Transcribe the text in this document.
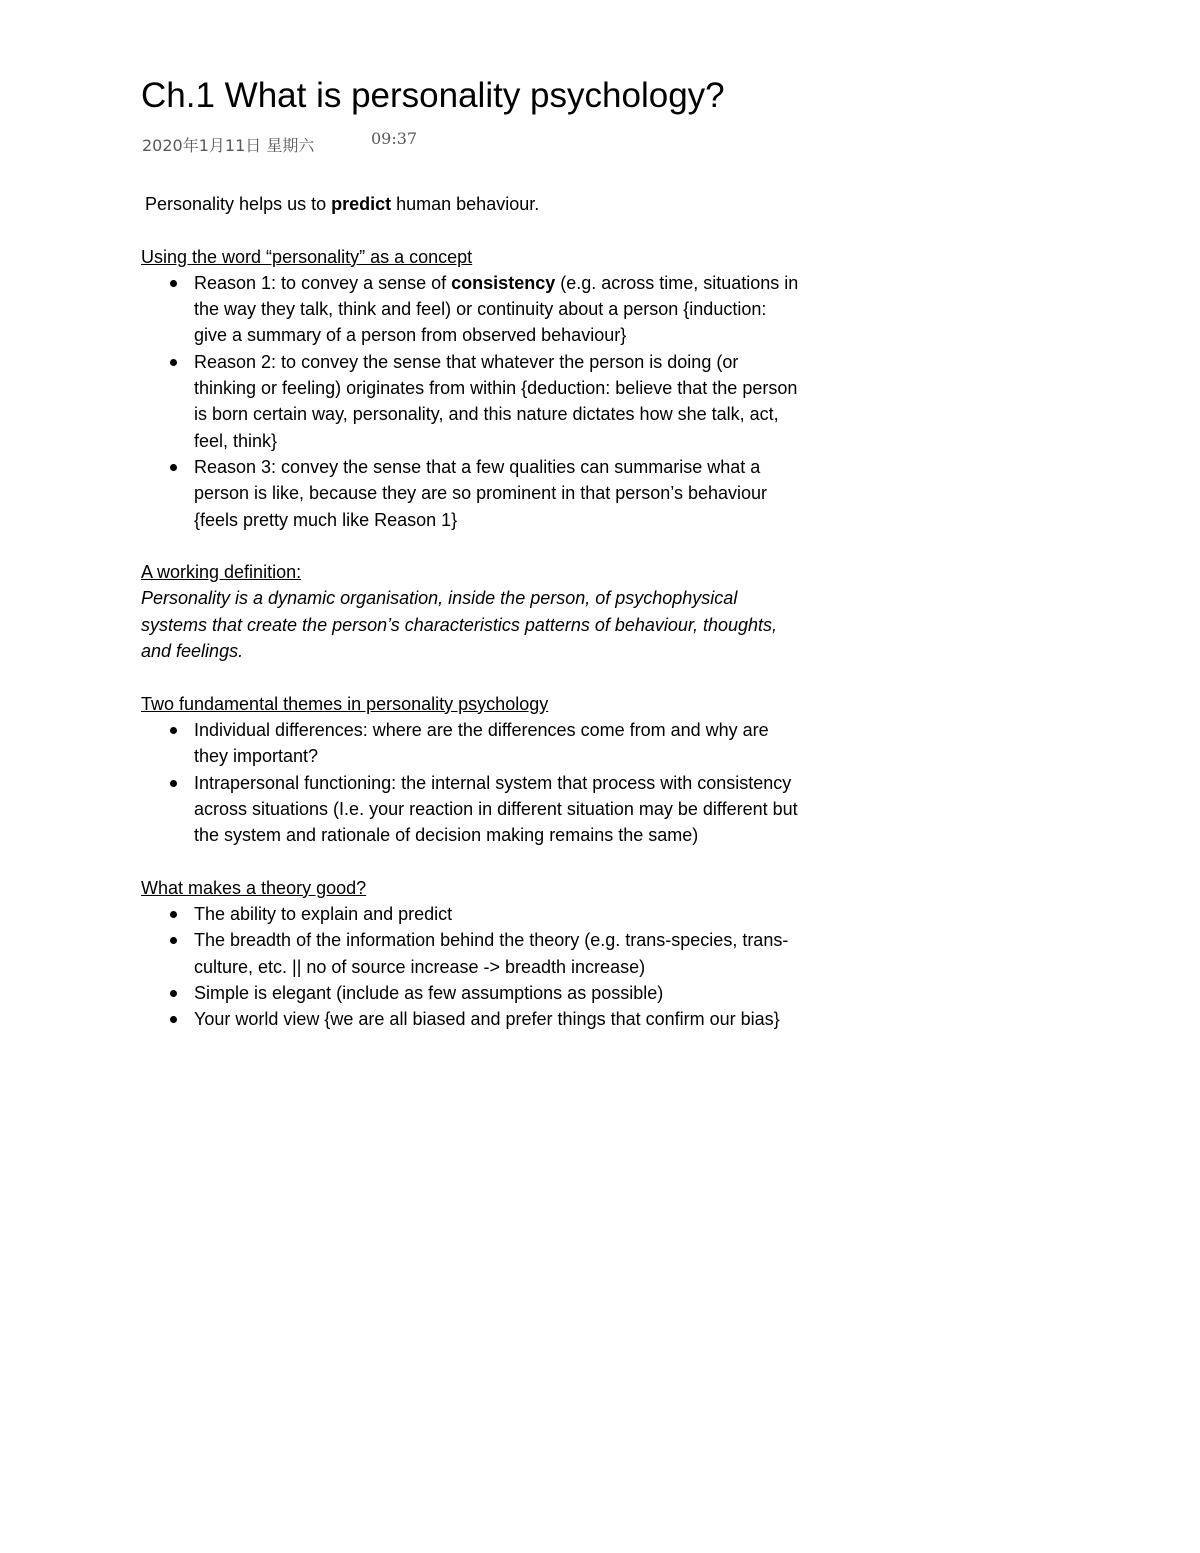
Ch.1 What is personality psychology?
2020年1月11日 星期六	09:37

Personality helps us to predict human behaviour.

Using the word “personality” as a concept

Reason 1: to convey a sense of consistency (e.g. across time, situations in the way they talk, think and feel) or continuity about a person {induction: give a summary of a person from observed behaviour}
Reason 2: to convey the sense that whatever the person is doing (or thinking or feeling) originates from within {deduction: believe that the person is born certain way, personality, and this nature dictates how she talk, act, feel, think}
Reason 3: convey the sense that a few qualities can summarise what a person is like, because they are so prominent in that person’s behaviour {feels pretty much like Reason 1}

A working definition:

Personality is a dynamic organisation, inside the person, of psychophysical systems that create the person’s characteristics patterns of behaviour, thoughts, and feelings.

Two fundamental themes in personality psychology

Individual differences: where are the differences come from and why are they important?
Intrapersonal functioning: the internal system that process with consistency across situations (I.e. your reaction in different situation may be different but the system and rationale of decision making remains the same)

What makes a theory good?

The ability to explain and predict
The breadth of the information behind the theory (e.g. trans-species, trans-culture, etc. || no of source increase -> breadth increase)
Simple is elegant (include as few assumptions as possible)
Your world view {we are all biased and prefer things that confirm our bias}
